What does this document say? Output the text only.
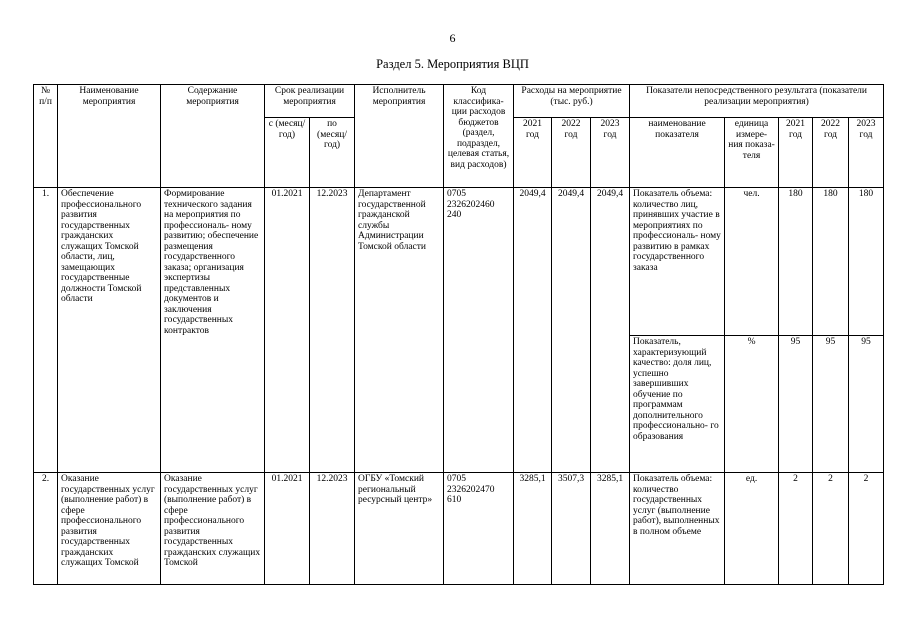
6
Раздел 5. Мероприятия ВЦП
№ п/п	Наименование мероприятия	Содержание мероприятия	Срок реализации мероприятия		Исполнитель мероприятия	Код классифика- ции расходов бюджетов (раздел, подраздел, целевая статья, вид расходов)	Расходы на мероприятие (тыс. руб.)			Показатели непосредственного результата (показатели реализации мероприятия)				
			с (месяц/ год)	по (месяц/ год)			2021 год	2022 год	2023 год	наименование показателя	единица измере- ния показа- теля	2021 год	2022 год	2023 год
1.	Обеспечение профессионального развития государственных гражданских служащих Томской области, лиц, замещающих государственные должности Томской области	Формирование технического задания на мероприятия по профессиональ- ному развитию; обеспечение размещения государственного заказа; организация экспертизы представленных документов и заключения государственных контрактов	01.2021	12.2023	Департамент государственной гражданской службы Администрации Томской области	0705 2326202460 240	2049,4	2049,4	2049,4	Показатель объема: количество лиц, принявших участие в мероприятиях по профессиональ- ному развитию в рамках государственного заказа	чел.	180	180	180
										Показатель, характеризующий качество: доля лиц, успешно завершивших обучение по программам дополнительного профессионально- го образования	%	95	95	95
2.	Оказание государственных услуг (выполнение работ) в сфере профессионального развития государственных гражданских служащих Томской	Оказание государственных услуг (выполнение работ) в сфере профессионального развития государственных гражданских служащих Томской	01.2021	12.2023	ОГБУ «Томский региональный ресурсный центр»	0705 2326202470 610	3285,1	3507,3	3285,1	Показатель объема: количество государственных услуг (выполнение работ), выполненных в полном объеме	ед.	2	2	2
